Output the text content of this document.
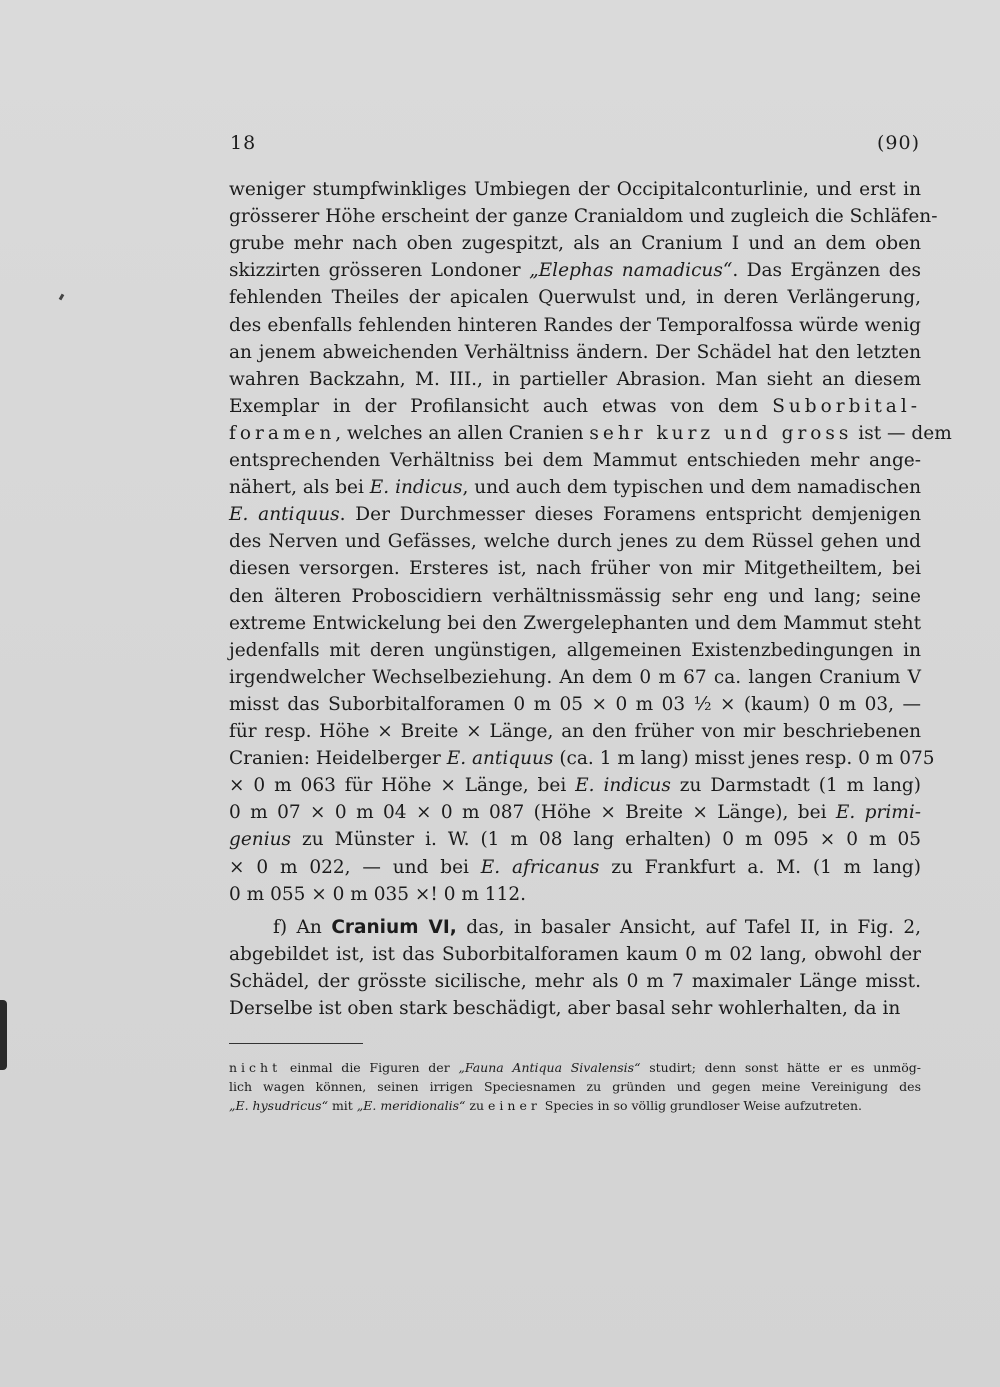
18	(90)
weniger stumpfwinkliges Umbiegen der Occipitalconturlinie, und erst in
grösserer Höhe erscheint der ganze Cranialdom und zugleich die Schläfen-
grube mehr nach oben zugespitzt, als an Cranium I und an dem oben
skizzirten grösseren Londoner „Elephas namadicus“. Das Ergänzen des
fehlenden Theiles der apicalen Querwulst und, in deren Verlängerung,
des ebenfalls fehlenden hinteren Randes der Temporalfossa würde wenig
an jenem abweichenden Verhältniss ändern. Der Schädel hat den letzten
wahren Backzahn, M. III., in partieller Abrasion. Man sieht an diesem
Exemplar in der Profilansicht auch etwas von dem Suborbital-
foramen, welches an allen Cranien sehr kurz und gross ist — dem
entsprechenden Verhältniss bei dem Mammut entschieden mehr ange-
nähert, als bei E. indicus, und auch dem typischen und dem namadischen
E. antiquus. Der Durchmesser dieses Foramens entspricht demjenigen
des Nerven und Gefässes, welche durch jenes zu dem Rüssel gehen und
diesen versorgen. Ersteres ist, nach früher von mir Mitgetheiltem, bei
den älteren Proboscidiern verhältnissmässig sehr eng und lang; seine
extreme Entwickelung bei den Zwergelephanten und dem Mammut steht
jedenfalls mit deren ungünstigen, allgemeinen Existenzbedingungen in
irgendwelcher Wechselbeziehung. An dem 0 m 67 ca. langen Cranium V
misst das Suborbitalforamen 0 m 05 × 0 m 03 ½ × (kaum) 0 m 03, —
für resp. Höhe × Breite × Länge, an den früher von mir beschriebenen
Cranien: Heidelberger E. antiquus (ca. 1 m lang) misst jenes resp. 0 m 075
× 0 m 063 für Höhe × Länge, bei E. indicus zu Darmstadt (1 m lang)
0 m 07 × 0 m 04 × 0 m 087 (Höhe × Breite × Länge), bei E. primi-
genius zu Münster i. W. (1 m 08 lang erhalten) 0 m 095 × 0 m 05
× 0 m 022, — und bei E. africanus zu Frankfurt a. M. (1 m lang)
0 m 055 × 0 m 035 ×! 0 m 112.
f) An Cranium VI, das, in basaler Ansicht, auf Tafel II, in Fig. 2,
abgebildet ist, ist das Suborbitalforamen kaum 0 m 02 lang, obwohl der
Schädel, der grösste sicilische, mehr als 0 m 7 maximaler Länge misst.
Derselbe ist oben stark beschädigt, aber basal sehr wohlerhalten, da in
nicht einmal die Figuren der „Fauna Antiqua Sivalensis“ studirt; denn sonst hätte er es unmög-
lich wagen können, seinen irrigen Speciesnamen zu gründen und gegen meine Vereinigung des
„E. hysudricus“ mit „E. meridionalis“ zu einer Species in so völlig grundloser Weise aufzutreten.
